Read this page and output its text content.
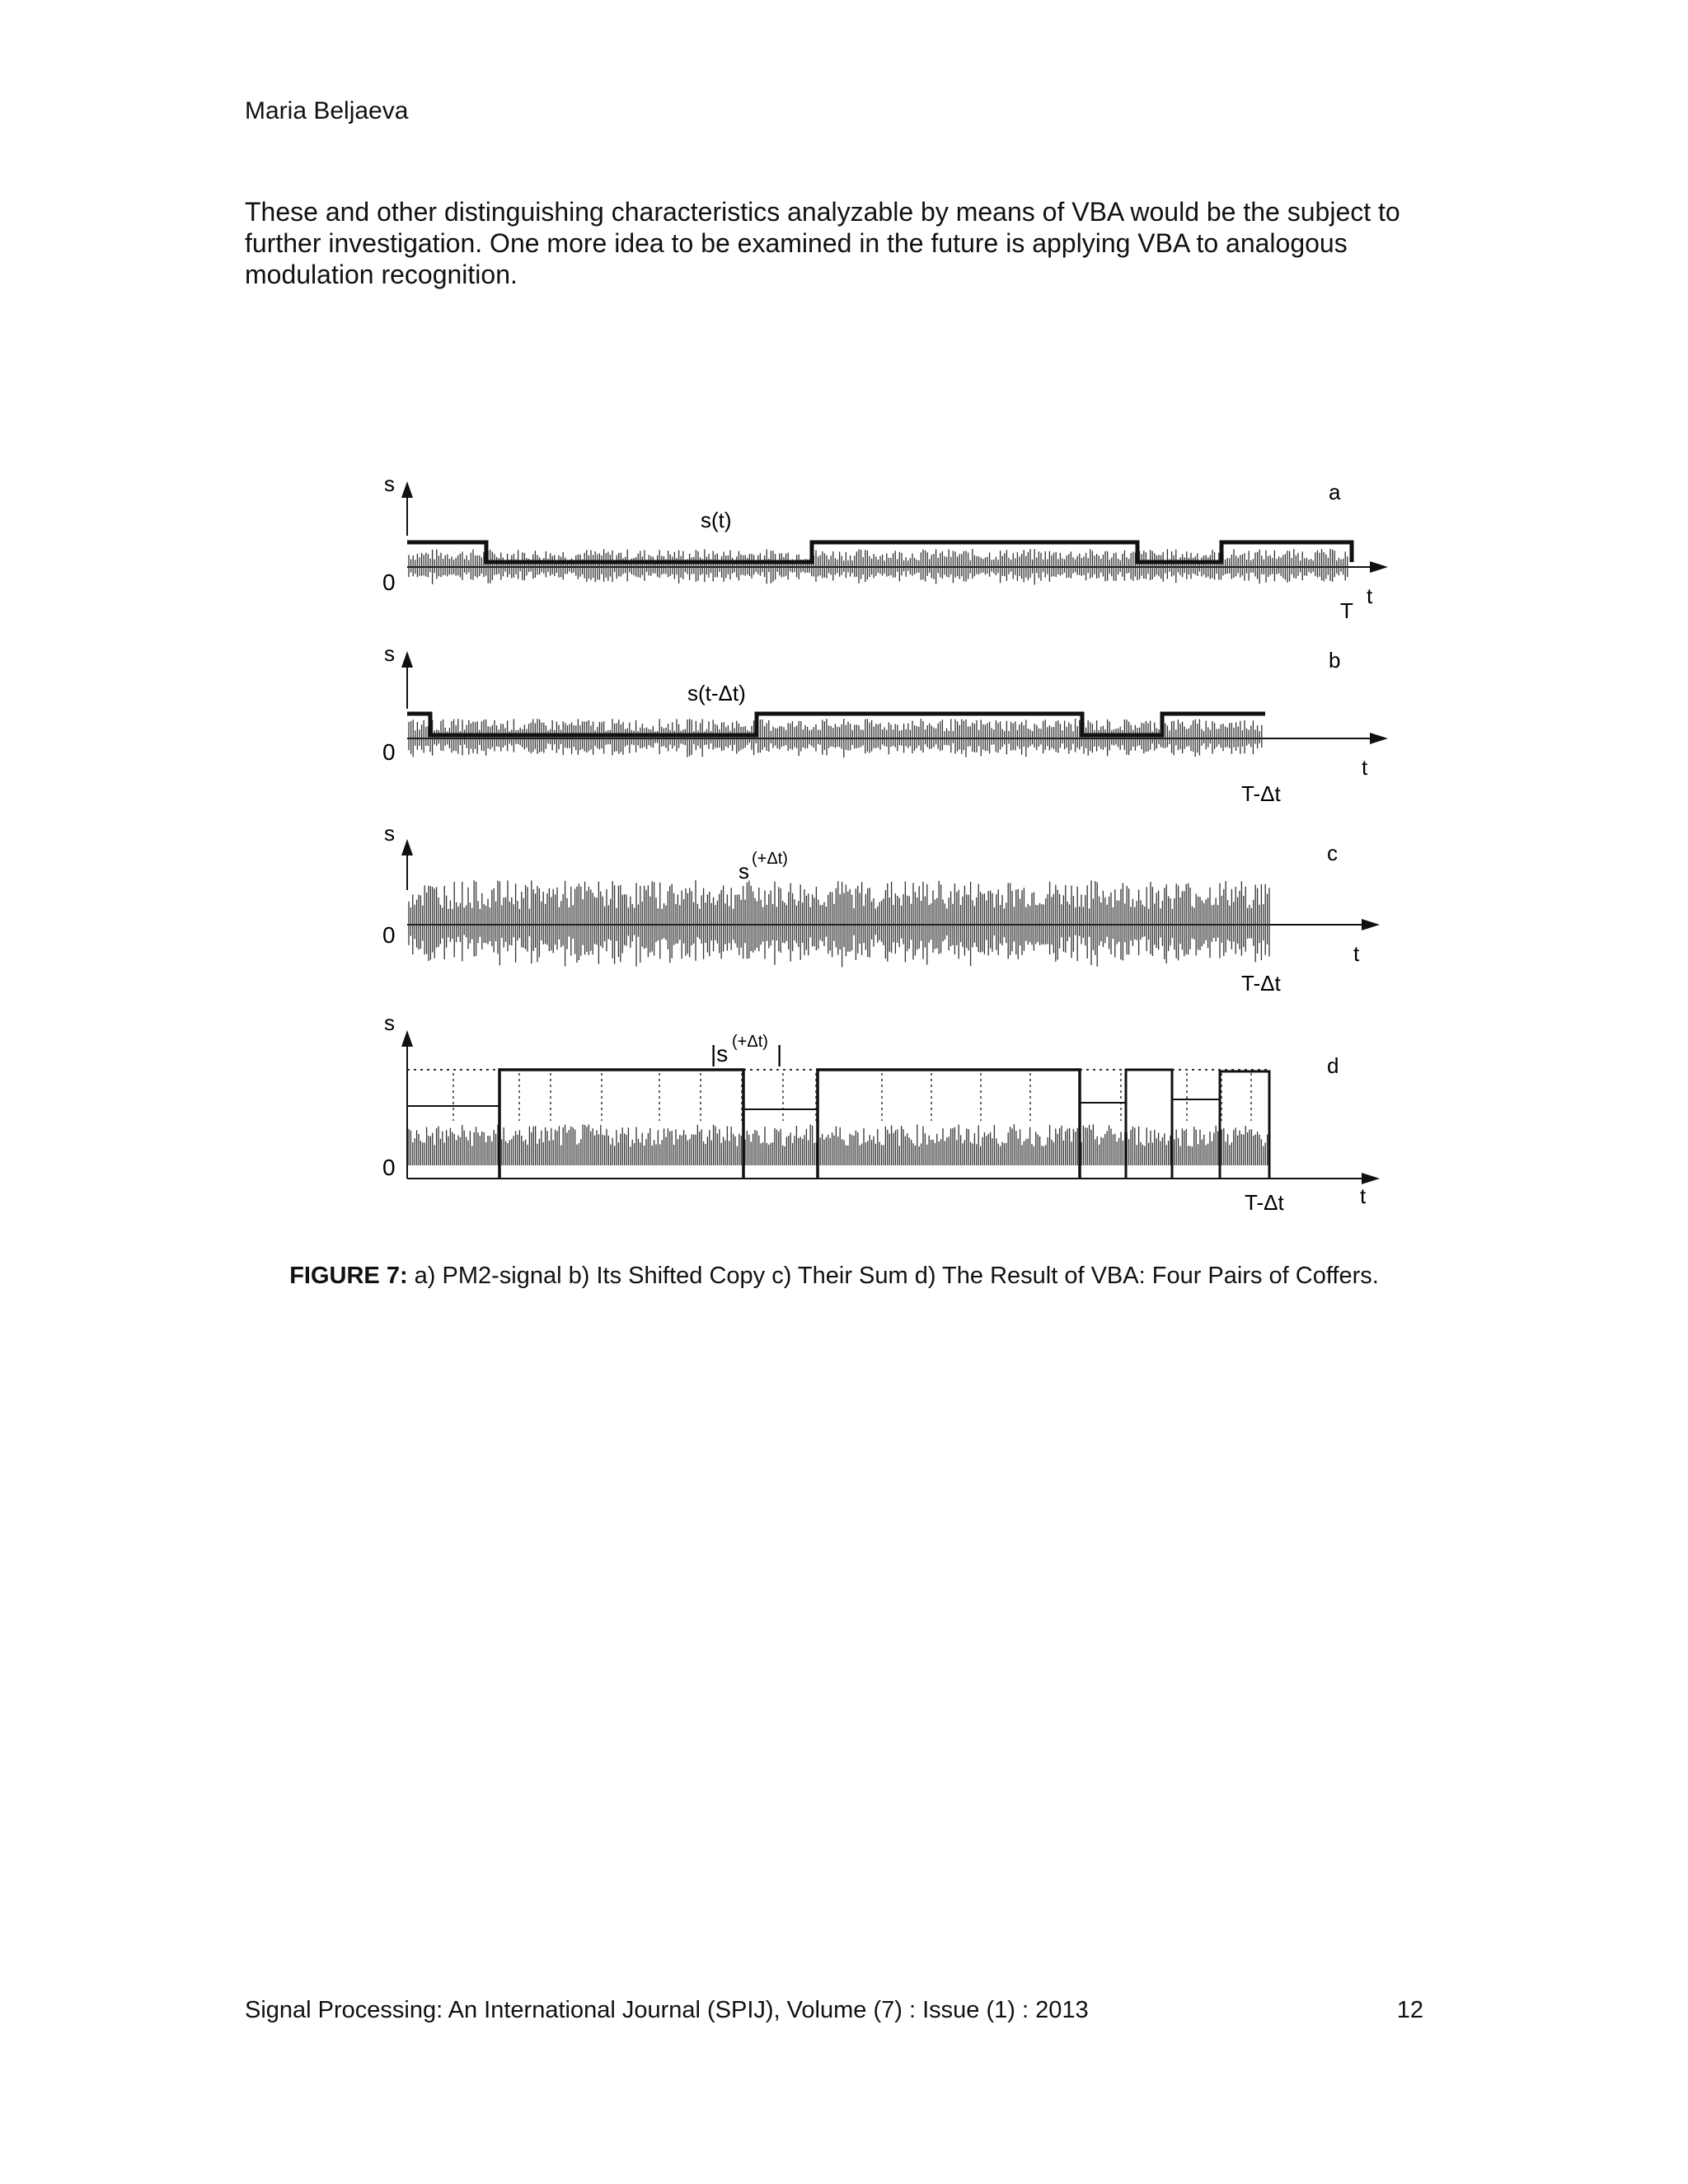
Maria Beljaeva
These and other distinguishing characteristics analyzable by means of VBA would be the subject to further investigation. One more idea to be examined in the future is applying VBA to analogous modulation recognition.
s
0
s(t)
a
t
T
s
0
s(t-Δt)
b
t
T-Δt
s
0
s (+Δt)	c
t
T-Δt
s
0
|s (+Δt) |	d
t
T-Δt
FIGURE 7: a) PM2-signal b) Its Shifted Copy c) Their Sum d) The Result of VBA: Four Pairs of Coffers.
Signal Processing: An International Journal (SPIJ), Volume (7) : Issue (1) : 2013	12
